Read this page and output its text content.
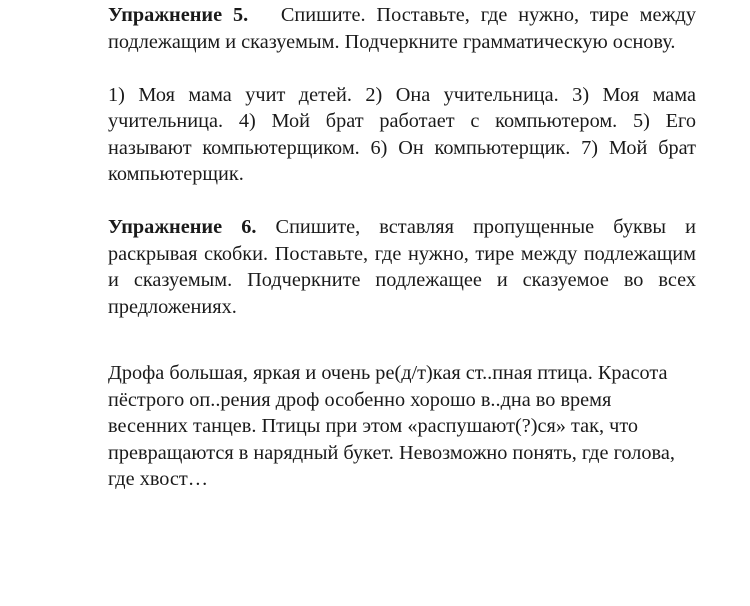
Упражнение 5. Спишите. Поставьте, где нужно, тире между подлежащим и сказуемым. Подчеркните грамматическую основу.

1) Моя мама учит детей. 2) Она учительница. 3) Моя мама учительница. 4) Мой брат работает с компьютером. 5) Его называют компьютерщиком. 6) Он компьютерщик. 7) Мой брат компьютерщик.

Упражнение 6. Спишите, вставляя пропущенные буквы и раскрывая скобки. Поставьте, где нужно, тире между подлежащим и сказуемым. Подчеркните подлежащее и сказуемое во всех предложениях.

Дрофа большая, яркая и очень ре(д/т)кая ст..пная птица. Красота пёстрого оп..рения дроф особенно хорошо в..дна во время весенних танцев. Птицы при этом «распушают(?)ся» так, что превращаются в нарядный букет. Невозможно понять, где голова, где хвост…
